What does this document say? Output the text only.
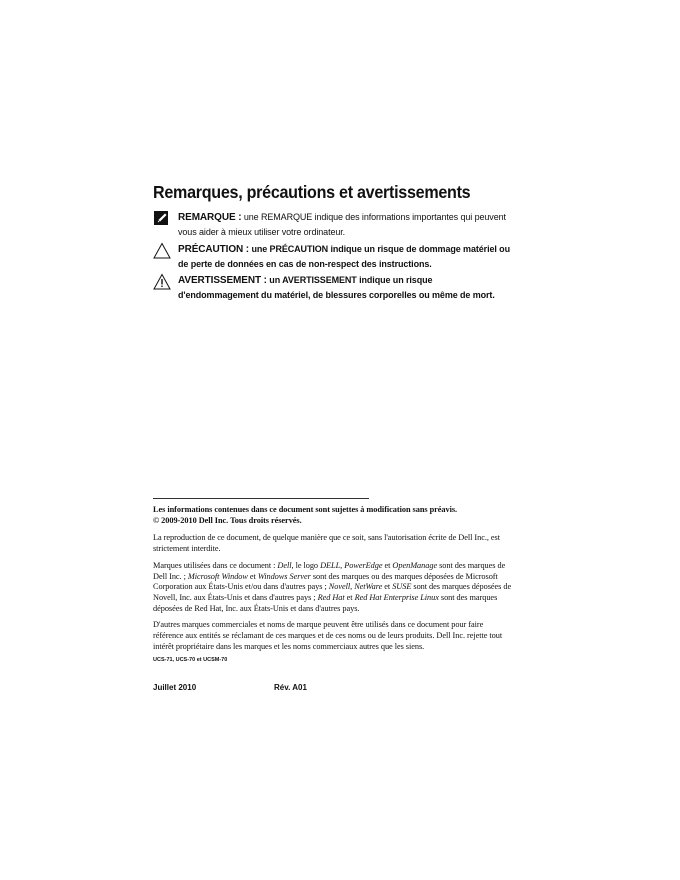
Remarques, précautions et avertissements
REMARQUE : une REMARQUE indique des informations importantes qui peuvent vous aider à mieux utiliser votre ordinateur.
PRÉCAUTION : une PRÉCAUTION indique un risque de dommage matériel ou de perte de données en cas de non-respect des instructions.
AVERTISSEMENT : un AVERTISSEMENT indique un risque d'endommagement du matériel, de blessures corporelles ou même de mort.

Les informations contenues dans ce document sont sujettes à modification sans préavis.
© 2009-2010 Dell Inc. Tous droits réservés.

La reproduction de ce document, de quelque manière que ce soit, sans l'autorisation écrite de Dell Inc., est strictement interdite.

Marques utilisées dans ce document : Dell, le logo DELL, PowerEdge et OpenManage sont des marques de Dell Inc. ; Microsoft Window et Windows Server sont des marques ou des marques déposées de Microsoft Corporation aux États-Unis et/ou dans d'autres pays ; Novell, NetWare et SUSE sont des marques déposées de Novell, Inc. aux États-Unis et dans d'autres pays ; Red Hat et Red Hat Enterprise Linux sont des marques déposées de Red Hat, Inc. aux États-Unis et dans d'autres pays.

D'autres marques commerciales et noms de marque peuvent être utilisés dans ce document pour faire référence aux entités se réclamant de ces marques et de ces noms ou de leurs produits. Dell Inc. rejette tout intérêt propriétaire dans les marques et les noms commerciaux autres que les siens.

UCS-71, UCS-70 et UCSM-70
Juillet 2010	Rév. A01
